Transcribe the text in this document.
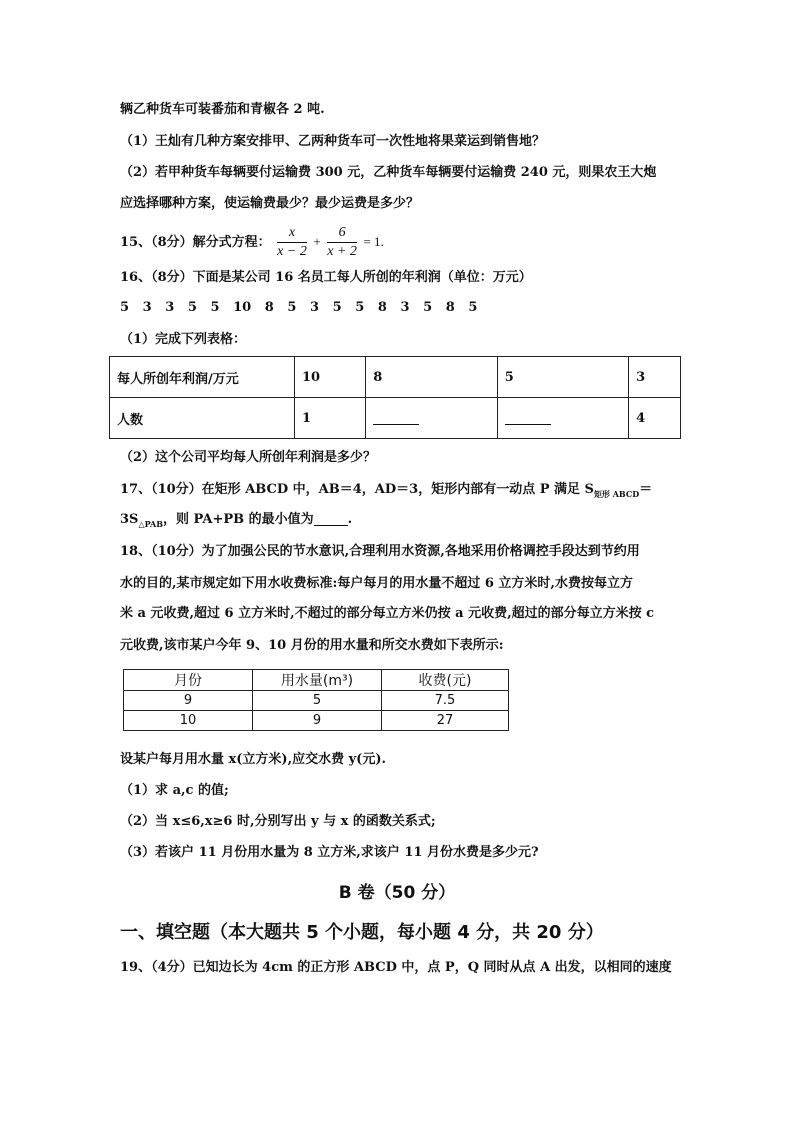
辆乙种货车可装番茄和青椒各 2 吨.
（1）王灿有几种方案安排甲、乙两种货车可一次性地将果菜运到销售地？
（2）若甲种货车每辆要付运输费 300 元，乙种货车每辆要付运输费 240 元，则果农王大炮
应选择哪种方案，使运输费最少？最少运费是多少？
15、（8分）解分式方程： $\frac{x}{x - 2} + \frac{6}{x + 2} = 1$.
16、（8分）下面是某公司 16 名员工每人所创的年利润（单位：万元）
5   3   3   5   5   10   8   5   3   5   5   8   3   5   8   5
（1）完成下列表格：
每人所创年利润/万元	10	8	5	3
人数	1			4
（2）这个公司平均每人所创年利润是多少？
17、（10分）在矩形 ABCD 中，AB＝4，AD＝3，矩形内部有一动点 P 满足 $S_{矩形 ABCD}=$
$3S_{\triangle PAB}$，则 PA+PB 的最小值为	.
18、（10分）为了加强公民的节水意识,合理利用水资源,各地采用价格调控手段达到节约用
水的目的,某市规定如下用水收费标准:每户每月的用水量不超过 6 立方米时,水费按每立方
米 a 元收费,超过 6 立方米时,不超过的部分每立方米仍按 a 元收费,超过的部分每立方米按 c
元收费,该市某户今年 9、10 月份的用水量和所交水费如下表所示:
月份	用水量(m³)	收费(元)
9	5	7.5
10	9	27
设某户每月用水量 x(立方米),应交水费 y(元).
（1）求 a,c 的值;
（2）当 x≤6,x≥6 时,分别写出 y 与 x 的函数关系式;
（3）若该户 11 月份用水量为 8 立方米,求该户 11 月份水费是多少元?
B 卷（50 分）
一、填空题（本大题共 5 个小题，每小题 4 分，共 20 分）
19、（4分）已知边长为 4cm 的正方形 ABCD 中，点 P，Q 同时从点 A 出发，以相同的速度
